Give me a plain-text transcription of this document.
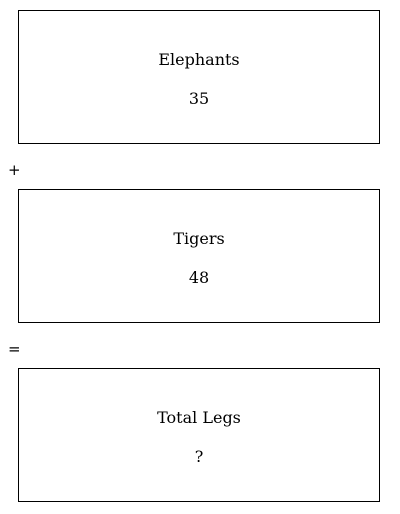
Elephants
35
+
Tigers
48
=
Total Legs
?
